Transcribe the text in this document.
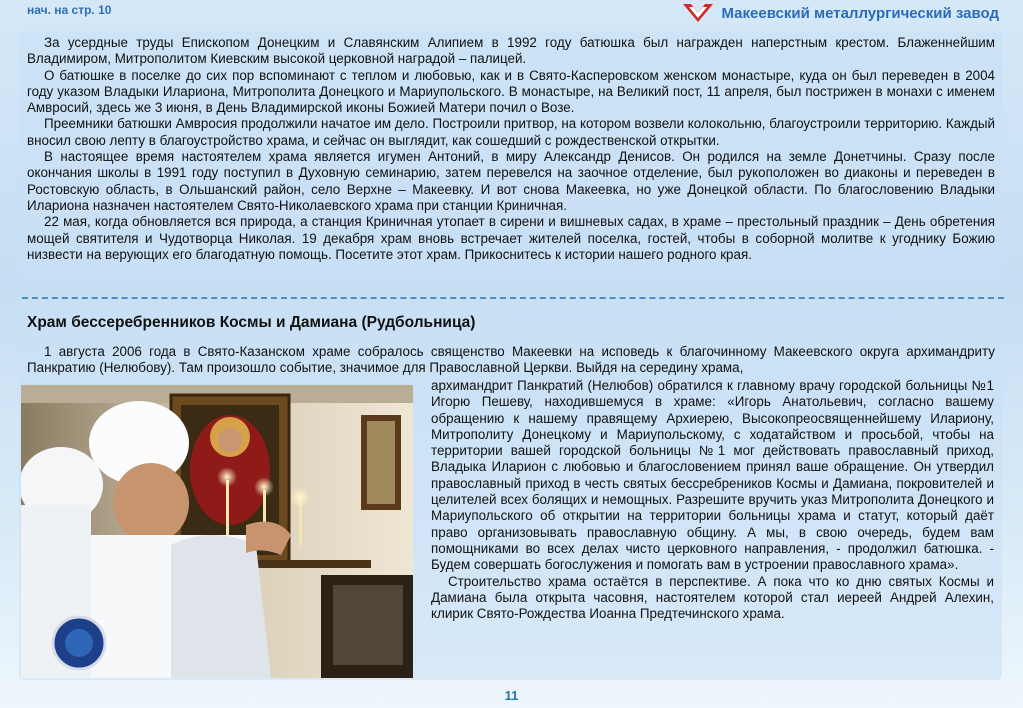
нач. на стр. 10	Макеевский металлургический завод

За усердные труды Епископом Донецким и Славянским Алипием в 1992 году батюшка был награжден наперстным крестом. Блаженнейшим Владимиром, Митрополитом Киевским высокой церковной наградой – палицей.

О батюшке в поселке до сих пор вспоминают с теплом и любовью, как и в Свято-Касперовском женском монастыре, куда он был переведен в 2004 году указом Владыки Илариона, Митрополита Донецкого и Мариупольского. В монастыре, на Великий пост, 11 апреля, был пострижен в монахи с именем Амвросий, здесь же 3 июня, в День Владимирской иконы Божией Матери почил о Возе.

Преемники батюшки Амвросия продолжили начатое им дело. Построили притвор, на котором возвели колокольню, благоустроили территорию. Каждый вносил свою лепту в благоустройство храма, и сейчас он выглядит, как сошедший с рождественской открытки.

В настоящее время настоятелем храма является игумен Антоний, в миру Александр Денисов. Он родился на земле Донетчины. Сразу после окончания школы в 1991 году поступил в Духовную семинарию, затем перевелся на заочное отделение, был рукоположен во диаконы и переведен в Ростовскую область, в Ольшанский район, село Верхне – Макеевку. И вот снова Макеевка, но уже Донецкой области. По благословению Владыки Илариона назначен настоятелем Свято-Николаевского храма при станции Криничная.

22 мая, когда обновляется вся природа, а станция Криничная утопает в сирени и вишневых садах, в храме – престольный праздник – День обретения мощей святителя и Чудотворца Николая. 19 декабря храм вновь встречает жителей поселка, гостей, чтобы в соборной молитве к угоднику Божию низвести на верующих его благодатную помощь. Посетите этот храм. Прикоснитесь к истории нашего родного края.

Храм бессеребренников Космы и Дамиана (Рудбольница)

1 августа 2006 года в Свято-Казанском храме собралось священство Макеевки на исповедь к благочинному Макеевского округа архимандриту Панкратию (Нелюбову). Там произошло событие, значимое для Православной Церкви. Выйдя на середину храма,

архимандрит Панкратий (Нелюбов) обратился к главному врачу городской больницы №1 Игорю Пешеву, находившемуся в храме: «Игорь Анатольевич, согласно вашему обращению к нашему правящему Архиерею, Высокопреосвященнейшему Илариону, Митрополиту Донецкому и Мариупольскому, с ходатайством и просьбой, чтобы на территории вашей городской больницы №1 мог действовать православный приход, Владыка Иларион с любовью и благословением принял ваше обращение. Он утвердил православный приход в честь святых бессребреников Космы и Дамиана, покровителей и целителей всех болящих и немощных. Разрешите вручить указ Митрополита Донецкого и Мариупольского об открытии на территории больницы храма и статут, который даёт право организовывать православную общину. А мы, в свою очередь, будем вам помощниками во всех делах чисто церковного направления, - продолжил батюшка. - Будем совершать богослужения и помогать вам в устроении православного храма».

Строительство храма остаётся в перспективе. А пока что ко дню святых Космы и Дамиана была открыта часовня, настоятелем которой стал иереей Андрей Алехин, клирик Свято-Рождества Иоанна Предтечинского храма.

11
